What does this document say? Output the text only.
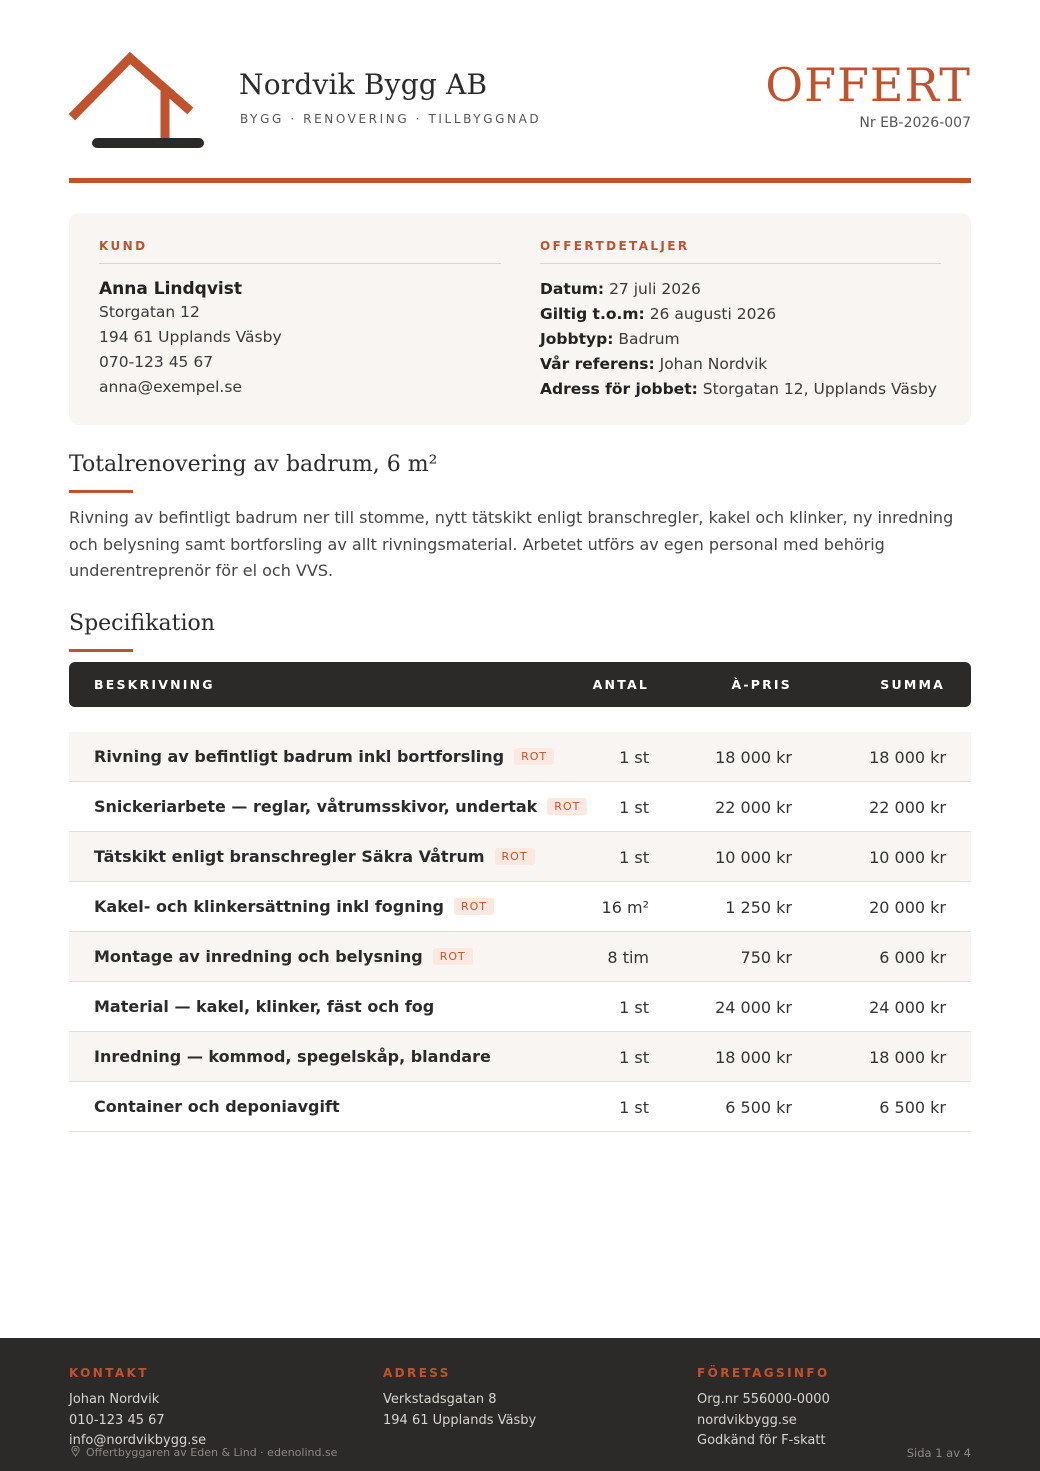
Nordvik Bygg AB
BYGG · RENOVERING · TILLBYGGNAD
OFFERT
Nr EB-2026-007
KUND
Anna Lindqvist
Storgatan 12
194 61 Upplands Väsby
070-123 45 67
anna@exempel.se
OFFERTDETALJER
Datum: 27 juli 2026
Giltig t.o.m: 26 augusti 2026
Jobbtyp: Badrum
Vår referens: Johan Nordvik
Adress för jobbet: Storgatan 12, Upplands Väsby
Totalrenovering av badrum, 6 m²
Rivning av befintligt badrum ner till stomme, nytt tätskikt enligt branschregler, kakel och klinker, ny inredning och belysning samt bortforsling av allt rivningsmaterial. Arbetet utförs av egen personal med behörig underentreprenör för el och VVS.
Specifikation
BESKRIVNING	ANTAL	À-PRIS	SUMMA
Rivning av befintligt badrum inkl bortforsling ROT	1 st	18 000 kr	18 000 kr
Snickeriarbete — reglar, våtrumsskivor, undertak ROT	1 st	22 000 kr	22 000 kr
Tätskikt enligt branschregler Säkra Våtrum ROT	1 st	10 000 kr	10 000 kr
Kakel- och klinkersättning inkl fogning ROT	16 m²	1 250 kr	20 000 kr
Montage av inredning och belysning ROT	8 tim	750 kr	6 000 kr
Material — kakel, klinker, fäst och fog	1 st	24 000 kr	24 000 kr
Inredning — kommod, spegelskåp, blandare	1 st	18 000 kr	18 000 kr
Container och deponiavgift	1 st	6 500 kr	6 500 kr
KONTAKT
Johan Nordvik
010-123 45 67
info@nordvikbygg.se
ADRESS
Verkstadsgatan 8
194 61 Upplands Väsby
FÖRETAGSINFO
Org.nr 556000-0000
nordvikbygg.se
Godkänd för F-skatt
Offertbyggaren av Eden & Lind · edenolind.se	Sida 1 av 4
